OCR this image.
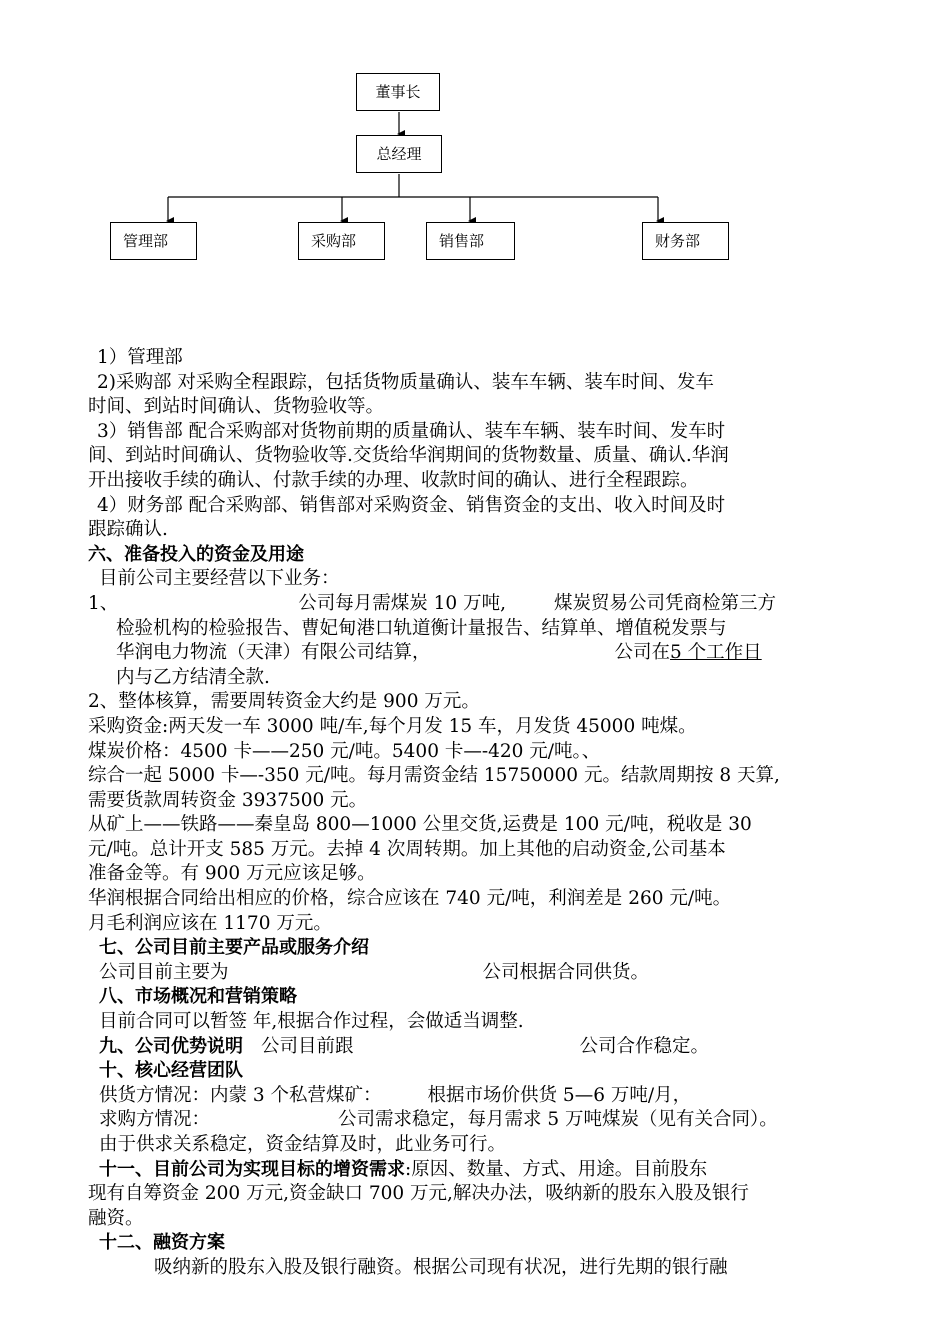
董事长
总经理
管理部	采购部	销售部	财务部

1）管理部

2)采购部 对采购全程跟踪，包括货物质量确认、装车车辆、装车时间、发车

时间、到站时间确认、货物验收等。

3）销售部 配合采购部对货物前期的质量确认、装车车辆、装车时间、发车时

间、到站时间确认、货物验收等.交货给华润期间的货物数量、质量、确认.华润

开出接收手续的确认、付款手续的办理、收款时间的确认、进行全程跟踪。

4）财务部 配合采购部、销售部对采购资金、销售资金的支出、收入时间及时

跟踪确认.

六、准备投入的资金及用途

目前公司主要经营以下业务：

1、	公司每月需煤炭 10 万吨,	煤炭贸易公司凭商检第三方

检验机构的检验报告、曹妃甸港口轨道衡计量报告、结算单、增值税发票与

华润电力物流（天津）有限公司结算，	公司在5 个工作日

内与乙方结清全款.

2、整体核算，需要周转资金大约是 900 万元。

采购资金:两天发一车 3000 吨/车,每个月发 15 车，月发货 45000 吨煤。

煤炭价格：4500 卡——250 元/吨。5400 卡—-420 元/吨。、

综合一起 5000 卡—-350 元/吨。每月需资金结 15750000 元。结款周期按 8 天算,

需要货款周转资金 3937500 元。

从矿上——铁路——秦皇岛 800—1000 公里交货,运费是 100 元/吨，税收是 30

元/吨。总计开支 585 万元。去掉 4 次周转期。加上其他的启动资金,公司基本

准备金等。有 900 万元应该足够。

华润根据合同给出相应的价格，综合应该在 740 元/吨，利润差是 260 元/吨。

月毛利润应该在 1170 万元。

七、公司目前主要产品或服务介绍

公司目前主要为	公司根据合同供货。

八、市场概况和营销策略

目前合同可以暂签 年,根据合作过程，会做适当调整.

九、公司优势说明 公司目前跟	公司合作稳定。

十、核心经营团队

供货方情况：内蒙 3 个私营煤矿： 根据市场价供货 5—6 万吨/月，

求购方情况：	公司需求稳定，每月需求 5 万吨煤炭（见有关合同）。

由于供求关系稳定，资金结算及时，此业务可行。

十一、目前公司为实现目标的增资需求:原因、数量、方式、用途。目前股东

现有自筹资金 200 万元,资金缺口 700 万元,解决办法，吸纳新的股东入股及银行

融资。

十二、融资方案

吸纳新的股东入股及银行融资。根据公司现有状况，进行先期的银行融
